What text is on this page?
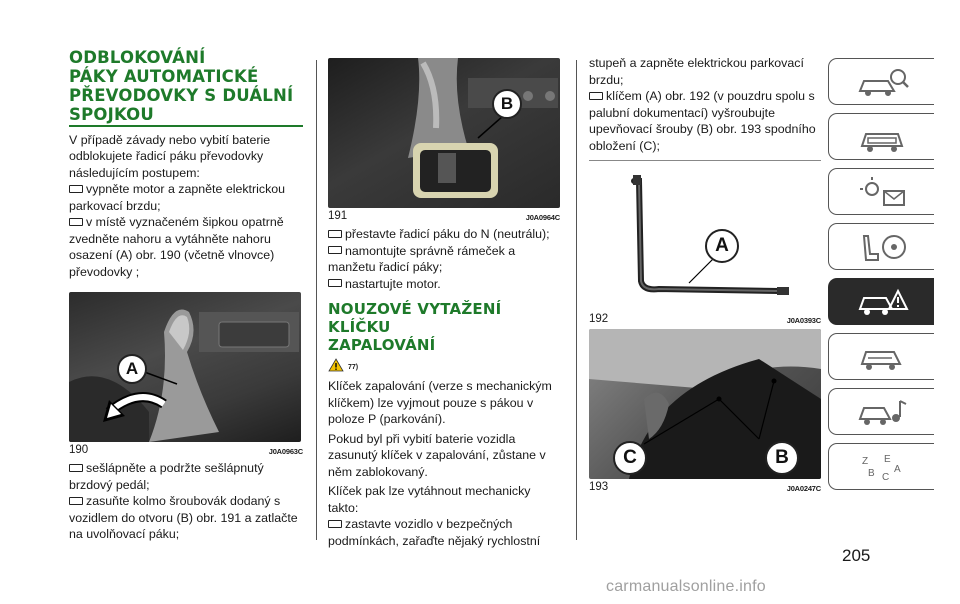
ODBLOKOVÁNÍ
PÁKY AUTOMATICKÉ
PŘEVODOVKY S DUÁLNÍ
SPOJKOU

V případě závady nebo vybití baterie odblokujete řadicí páku převodovky následujícím postupem:

vypněte motor a zapněte elektrickou parkovací brzdu;

v místě vyznačeném šipkou opatrně zvedněte nahoru a vytáhněte nahoru osazení (A) obr. 190 (včetně vlnovce) převodovky ;

A
190	J0A0963C

sešlápněte a podržte sešlápnutý brzdový pedál;

zasuňte kolmo šroubovák dodaný s vozidlem do otvoru (B) obr. 191 a zatlačte na uvolňovací páku;

B
191	J0A0964C

přestavte řadicí páku do N (neutrálu);

namontujte správně rámeček a manžetu řadicí páky;

nastartujte motor.

NOUZOVÉ VYTAŽENÍ KLÍČKU
ZAPALOVÁNÍ
77)

Klíček zapalování (verze s mechanickým klíčkem) lze vyjmout pouze s pákou v poloze P (parkování).

Pokud byl při vybití baterie vozidla zasunutý klíček v zapalování, zůstane v něm zablokovaný.

Klíček pak lze vytáhnout mechanicky takto:

zastavte vozidlo v bezpečných podmínkách, zařaďte nějaký rychlostní

stupeň a zapněte elektrickou parkovací brzdu;

klíčem (A) obr. 192 (v pouzdru spolu s palubní dokumentací) vyšroubujte upevňovací šrouby (B) obr. 193 spodního obložení (C);

A
192	J0A0393C
C	B
193	J0A0247C
Z E
B C
A
205
carmanualsonline.info
